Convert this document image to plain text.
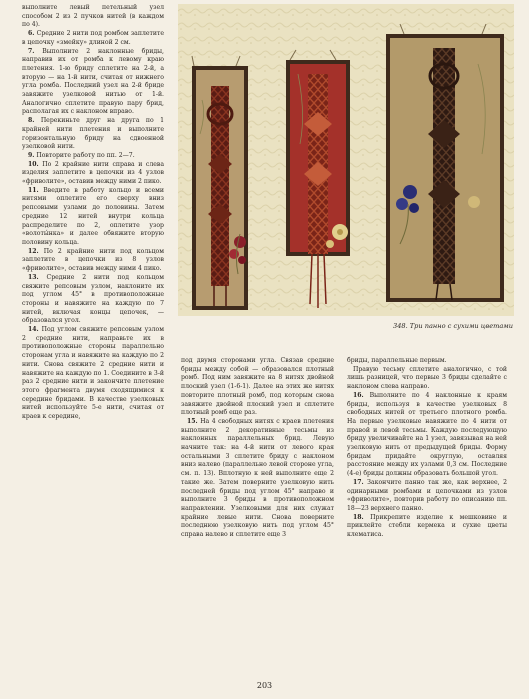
выполните левый петельный узел способом 2 из 2 пучков нитей (в каждом по 4).

6. Средние 2 нити под ромбом заплетите в цепочку «змейку» длиной 2 см.

7. Выполните 2 наклонные бриды, направив их от ромба к левому краю плетения. 1-ю бриду сплетите на 2-й, а вторую — на 1-й нити, считая от нижнего угла ромба. Последний узел на 2-й бриде завяжите узелковой нитью от 1-й. Аналогично сплетите правую пару брид, располагая их с наклоном вправо.

8. Перекиньте друг на друга по 1 крайней нити плетения и выполните горизонтальную бриду на сдвоенной узелковой нити.

9. Повторите работу по пп. 2—7.

10. По 2 крайние нити справа и слева изделия заплетите в цепочки из 4 узлов «фриволите», оставив между ними 2 пико.

11. Введите в работу кольцо и всеми нитями оплетите его сверху вниз репсовыми узлами до половины. Затем средние 12 нитей внутри кольца распределите по 2, оплетите узор «волоты́нка» и далее обвяжите вторую половину кольца.

12. По 2 крайние нити под кольцом заплетите в цепочки из 8 узлов «фриволите», оставив между ними 4 пико.

13. Средние 2 нити под кольцом свяжите репсовым узлом, наклоните их под углом 45° в противоположные стороны и навяжите на каждую по 7 нитей, включая концы цепочек, — образовался угол.

14. Под углом свяжите репсовым узлом 2 средние нити, направьте их в противоположные стороны параллельно сторонам угла и навяжите на каждую по 2 нити. Снова свяжите 2 средние нити и навяжите на каждую по 1. Соедините в 3-й раз 2 средние нити и закончите плетение этого фрагмента двумя сходящимися к середине бридами. В качестве узелковых нитей используйте 5-е нити, считая от краев к середине,

348. Три панно с сухими цветами

под двумя сторонами угла. Связав средние бриды между собой — образовался плотный ромб. Под ним завяжите на 8 нитях двойной плоский узел (1-6-1). Далее на этих же нитях повторите плотный ромб, под которым снова завяжите двойной плоский узел и сплетите плотный ромб еще раз.

15. На 4 свободных нитях с краев плетения выполните 2 декоративные тесьмы из наклонных параллельных брид. Левую начните так: на 4-й нити от левого края остальными 3 сплетите бриду с наклоном вниз налево (параллельно левой стороне угла, см. п. 13). Вплотную к ней выполните еще 2 такие же. Затем поверните узелковую нить последней бриды под углом 45° направо и выполните 3 бриды в противоположном направлении. Узелковыми для них служат крайние левые нити. Снова поверните последнюю узелковую нить под углом 45° справа налево и сплетите еще 3

бриды, параллельные первым.

Правую тесьму сплетите аналогично, с той лишь разницей, что первые 3 бриды сделайте с наклоном слева направо.

16. Выполните по 4 наклонные к краям бриды, используя в качестве узелковых 8 свободных нитей от третьего плотного ромба. На первые узелковые навяжите по 4 нити от правой и левой тесьмы. Каждую последующую бриду увеличивайте на 1 узел, завязывая на ней узелковую нить от предыдущей бриды. Форму бридам придайте округлую, оставляя расстояние между их узлами 0,3 см. Последние (4-е) бриды должны образовать большой угол.

17. Закончите панно так же, как верхнее, 2 одинарными ромбами и цепочками из узлов «фриволите», повторив работу по описанию пп. 18—23 верхнего панно.

18. Прикрепите изделие к мешковине и приклейте стебли кермека и сухие цветы клематиса.

203
